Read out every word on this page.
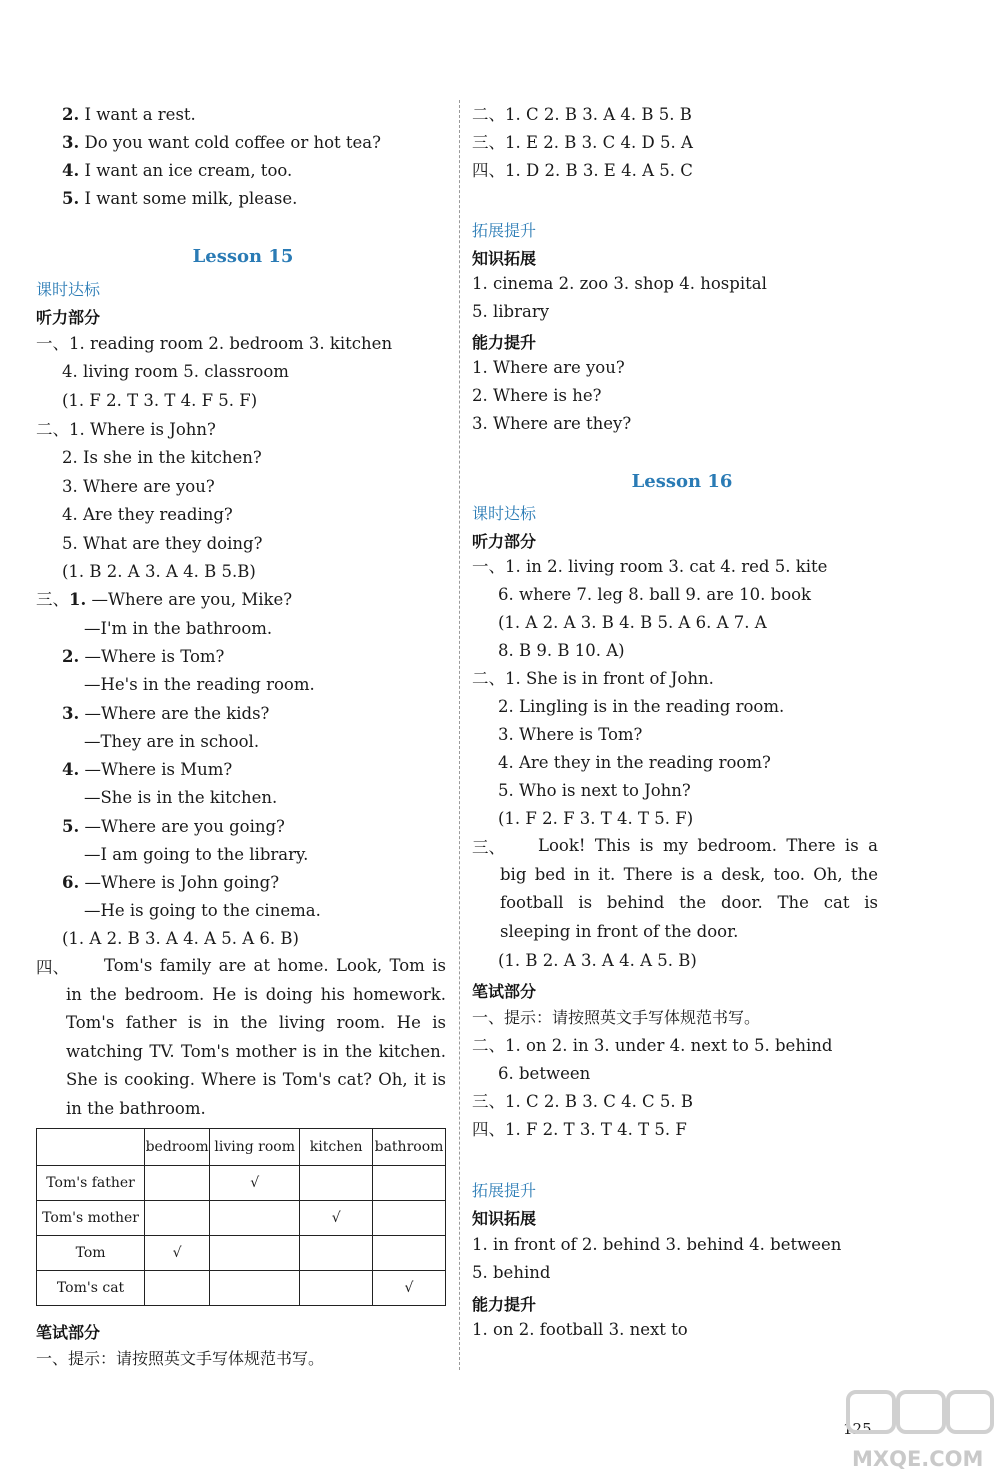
2. I want a rest.
3. Do you want cold coffee or hot tea?
4. I want an ice cream, too.
5. I want some milk, please.
Lesson 15
课时达标
听力部分
一、1. reading room 2. bedroom 3. kitchen
4. living room 5. classroom
(1. F 2. T 3. T 4. F 5. F)
二、1. Where is John?
2. Is she in the kitchen?
3. Where are you?
4. Are they reading?
5. What are they doing?
(1. B 2. A 3. A 4. B 5.B)
三、1. —Where are you, Mike?
—I'm in the bathroom.
2. —Where is Tom?
—He's in the reading room.
3. —Where are the kids?
—They are in school.
4. —Where is Mum?
—She is in the kitchen.
5. —Where are you going?
—I am going to the library.
6. —Where is John going?
—He is going to the cinema.
(1. A 2. B 3. A 4. A 5. A 6. B)
四、	Tom's family are at home. Look, Tom is in the bedroom. He is doing his homework. Tom's father is in the living room. He is watching TV. Tom's mother is in the kitchen. She is cooking. Where is Tom's cat? Oh, it is in the bathroom.
	bedroom	living room	kitchen	bathroom
Tom's father		√		
Tom's mother			√	
Tom	√			
Tom's cat				√
笔试部分
一、提示：请按照英文手写体规范书写。
二、1. C 2. B 3. A 4. B 5. B
三、1. E 2. B 3. C 4. D 5. A
四、1. D 2. B 3. E 4. A 5. C
拓展提升
知识拓展
1. cinema 2. zoo 3. shop 4. hospital
5. library
能力提升
1. Where are you?
2. Where is he?
3. Where are they?
Lesson 16
课时达标
听力部分
一、1. in 2. living room 3. cat 4. red 5. kite
6. where 7. leg 8. ball 9. are 10. book
(1. A 2. A 3. B 4. B 5. A 6. A 7. A
8. B 9. B 10. A)
二、1. She is in front of John.
2. Lingling is in the reading room.
3. Where is Tom?
4. Are they in the reading room?
5. Who is next to John?
(1. F 2. F 3. T 4. T 5. F)
三、	Look! This is my bedroom. There is a big bed in it. There is a desk, too. Oh, the football is behind the door. The cat is sleeping in front of the door.
(1. B 2. A 3. A 4. A 5. B)
笔试部分
一、提示：请按照英文手写体规范书写。
二、1. on 2. in 3. under 4. next to 5. behind
6. between
三、1. C 2. B 3. C 4. C 5. B
四、1. F 2. T 3. T 4. T 5. F
拓展提升
知识拓展
1. in front of 2. behind 3. behind 4. between
5. behind
能力提升
1. on 2. football 3. next to
125
MXQE.COM
